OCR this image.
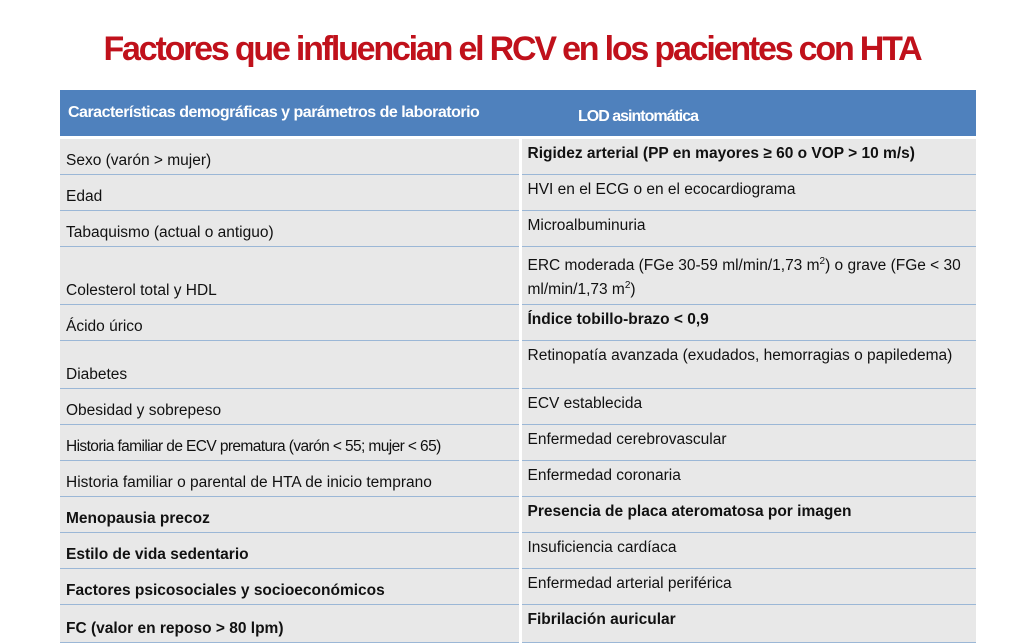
Factores que influencian el RCV en los pacientes con HTA
Características demográficas y parámetros de laboratorio	LOD asintomática
Sexo (varón > mujer)	Rigidez arterial (PP en mayores ≥ 60 o VOP > 10 m/s)
Edad	HVI en el ECG o en el ecocardiograma
Tabaquismo (actual o antiguo)	Microalbuminuria
Colesterol total y HDL	ERC moderada (FGe 30-59 ml/min/1,73 $m^2$) o grave (FGe < 30 ml/min/1,73 $m^2$)
Ácido úrico	Índice tobillo-brazo < 0,9
Diabetes	Retinopatía avanzada (exudados, hemorragias o papiledema)
Obesidad y sobrepeso	ECV establecida
Historia familiar de ECV prematura (varón < 55; mujer < 65)	Enfermedad cerebrovascular
Historia familiar o parental de HTA de inicio temprano	Enfermedad coronaria
Menopausia precoz	Presencia de placa ateromatosa por imagen
Estilo de vida sedentario	Insuficiencia cardíaca
Factores psicosociales y socioeconómicos	Enfermedad arterial periférica
FC (valor en reposo > 80 lpm)	Fibrilación auricular
